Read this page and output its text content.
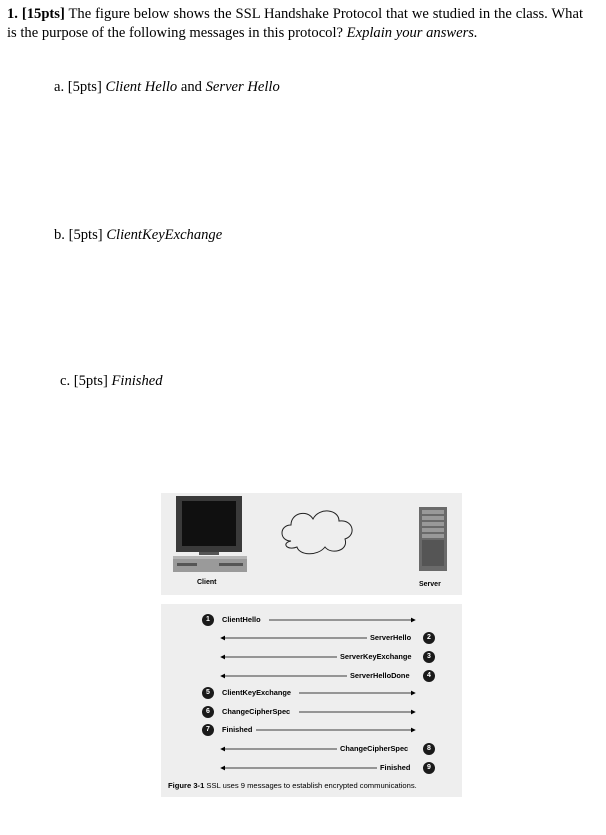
1. [15pts] The figure below shows the SSL Handshake Protocol that we studied in the class. What is the purpose of the following messages in this protocol? Explain your answers.
a. [5pts] Client Hello and Server Hello
b. [5pts] ClientKeyExchange
c. [5pts] Finished
Client	Server
1	ClientHello
ServerHello	2
ServerKeyExchange	3
ServerHelloDone	4
5	ClientKeyExchange
6	ChangeCipherSpec
7	Finished
ChangeCipherSpec	8
Finished	9
Figure 3-1 SSL uses 9 messages to establish encrypted communications.
